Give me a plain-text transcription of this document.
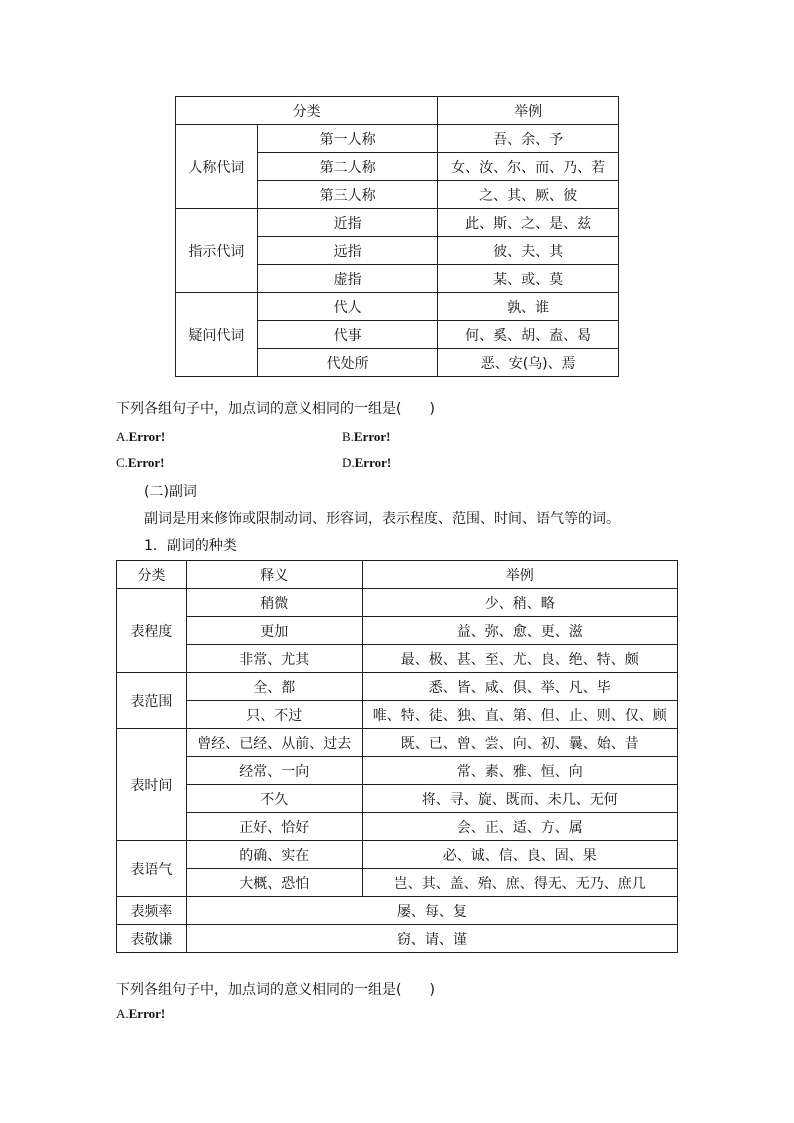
分类		举例
人称代词	第一人称	吾、余、予
	第二人称	女、汝、尔、而、乃、若
	第三人称	之、其、厥、彼
指示代词	近指	此、斯、之、是、兹
	远指	彼、夫、其
	虚指	某、或、莫
疑问代词	代人	孰、谁
	代事	何、奚、胡、盍、曷
	代处所	恶、安(乌)、焉
下列各组句子中，加点词的意义相同的一组是(　　)
A.Error!	B.Error!
C.Error!	D.Error!
(二)副词
副词是用来修饰或限制动词、形容词，表示程度、范围、时间、语气等的词。
1．副词的种类
分类	释义	举例
表程度	稍微	少、稍、略
	更加	益、弥、愈、更、滋
	非常、尤其	最、极、甚、至、尤、良、绝、特、颇
表范围	全、都	悉、皆、咸、俱、举、凡、毕
	只、不过	唯、特、徒、独、直、第、但、止、则、仅、顾
表时间	曾经、已经、从前、过去	既、已、曾、尝、向、初、曩、始、昔
	经常、一向	常、素、雅、恒、向
	不久	将、寻、旋、既而、未几、无何
	正好、恰好	会、正、适、方、属
表语气	的确、实在	必、诚、信、良、固、果
	大概、恐怕	岂、其、盖、殆、庶、得无、无乃、庶几
表频率	屡、每、复	
表敬谦	窃、请、谨	
下列各组句子中，加点词的意义相同的一组是(　　)
A.Error!
